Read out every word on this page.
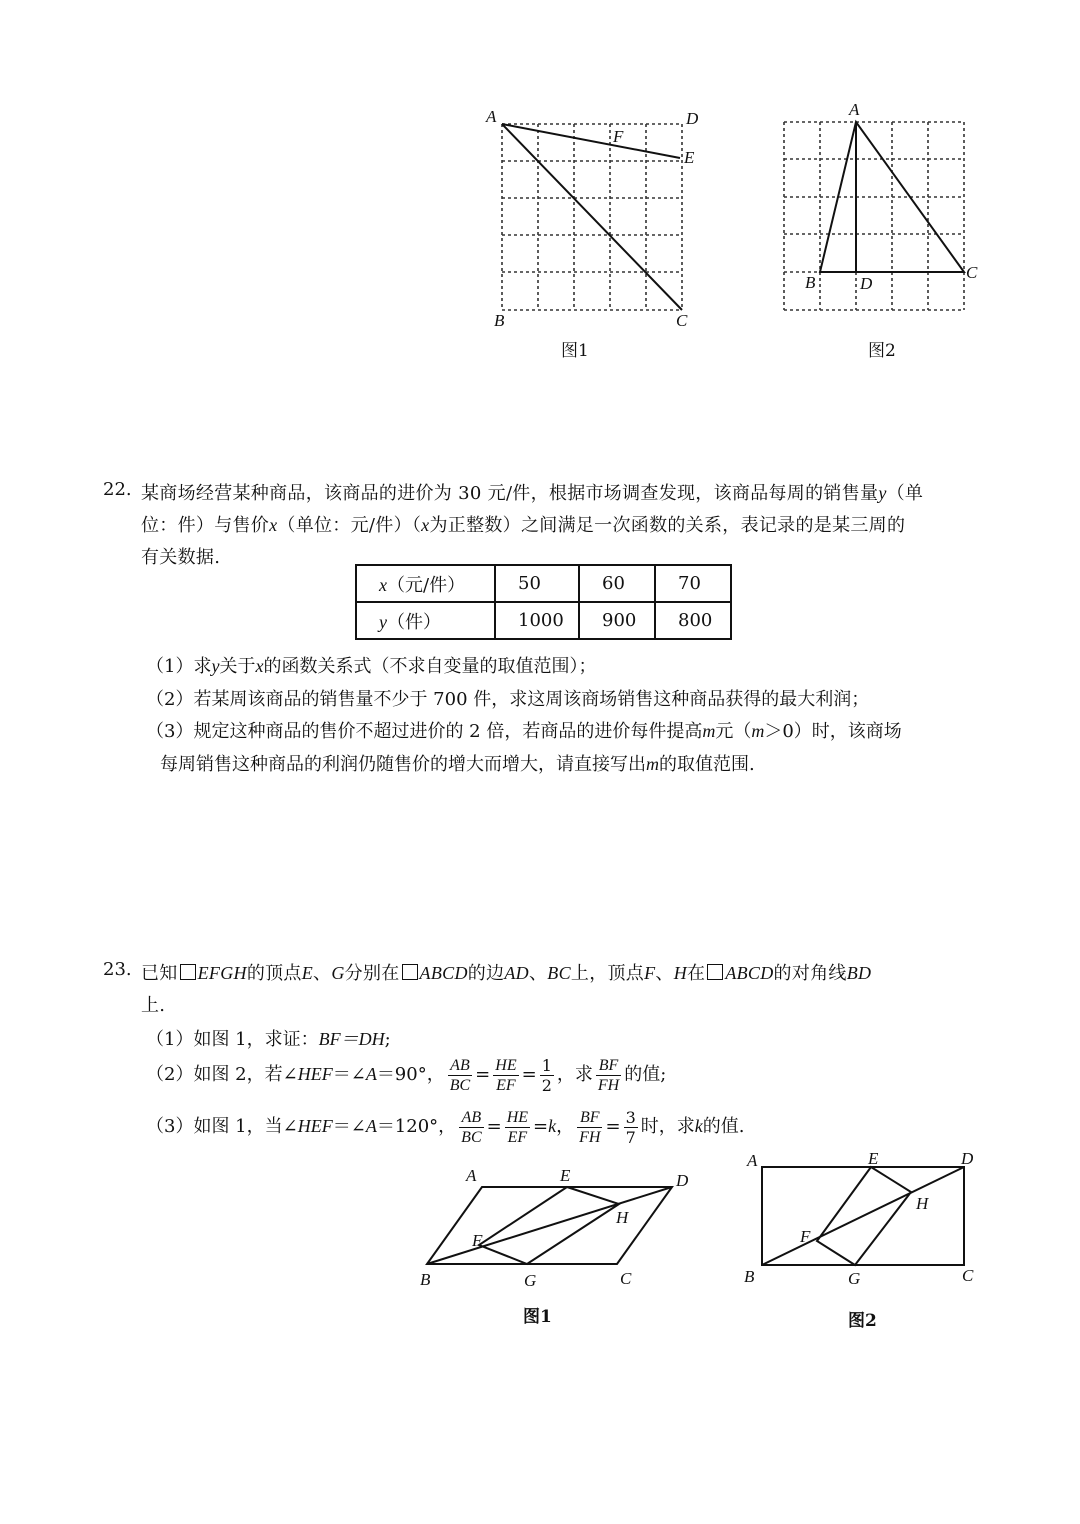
A	D
F
E
B	C
图1
A
B	D
C
图2
22. 某商场经营某种商品，该商品的进价为 30 元/件，根据市场调查发现，该商品每周的销售量y（单
位：件）与售价x（单位：元/件）（x为正整数）之间满足一次函数的关系，表记录的是某三周的
有关数据.
x（元/件）	50	60	70
y（件）	1000	900	800
（1）求y关于x的函数关系式（不求自变量的取值范围）；
（2）若某周该商品的销售量不少于 700 件，求这周该商场销售这种商品获得的最大利润；
（3）规定这种商品的售价不超过进价的 2 倍，若商品的进价每件提高m元（m＞0）时，该商场
每周销售这种商品的利润仍随售价的增大而增大，请直接写出m的取值范围.
23. 已知 EFGH的顶点E、G分别在 ABCD的边AD、BC上，顶点F、H在 ABCD的对角线BD
上.
（1）如图 1，求证：BF＝DH;
（2）如图 2，若∠HEF＝∠A＝90°， $\frac{AB}{BC} = \frac{HE}{EF} = \frac{1}{2}$ ，求 $\frac{BF}{FH}$ 的值;
（3）如图 1，当∠HEF＝∠A＝120°， $\frac{AB}{BC} = \frac{HE}{EF} =k$， $\frac{BF}{FH} = \frac{3}{7}$ 时，求k的值.
A	E	D
H
F
B	G	C
图1
A	E	D
H
F
B	G	C
图2
